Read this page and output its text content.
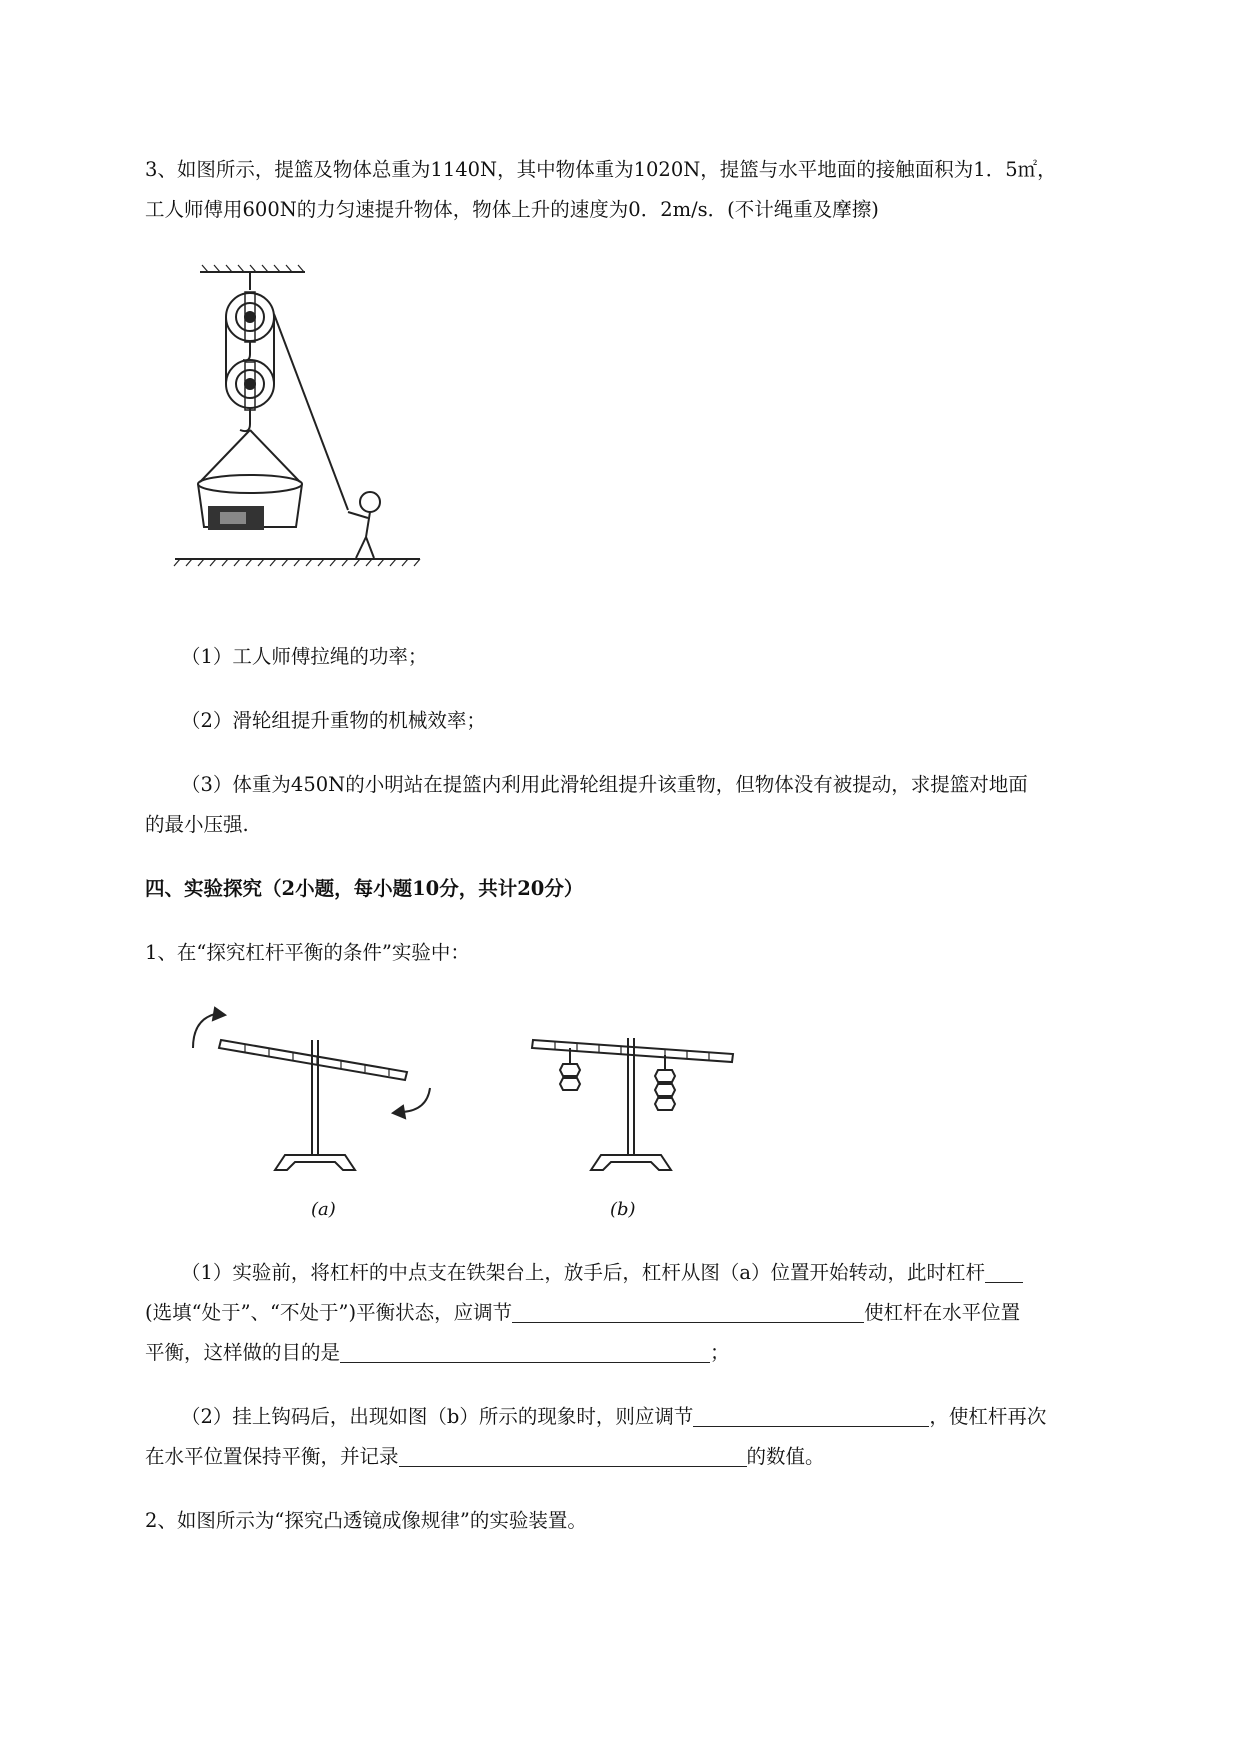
3、如图所示，提篮及物体总重为1140N，其中物体重为1020N，提篮与水平地面的接触面积为1．5㎡，
工人师傅用600N的力匀速提升物体，物体上升的速度为0．2m/s．(不计绳重及摩擦)
（1）工人师傅拉绳的功率；
（2）滑轮组提升重物的机械效率；
（3）体重为450N的小明站在提篮内利用此滑轮组提升该重物，但物体没有被提动，求提篮对地面
的最小压强.
四、实验探究（2小题，每小题10分，共计20分）
1、在“探究杠杆平衡的条件”实验中：
(a)	(b)
（1）实验前，将杠杆的中点支在铁架台上，放手后，杠杆从图（a）位置开始转动，此时杠杆
(选填“处于”、“不处于”)平衡状态，应调节	使杠杆在水平位置
平衡，这样做的目的是	；
（2）挂上钩码后，出现如图（b）所示的现象时，则应调节	，使杠杆再次
在水平位置保持平衡，并记录	的数值。
2、如图所示为“探究凸透镜成像规律”的实验装置。
